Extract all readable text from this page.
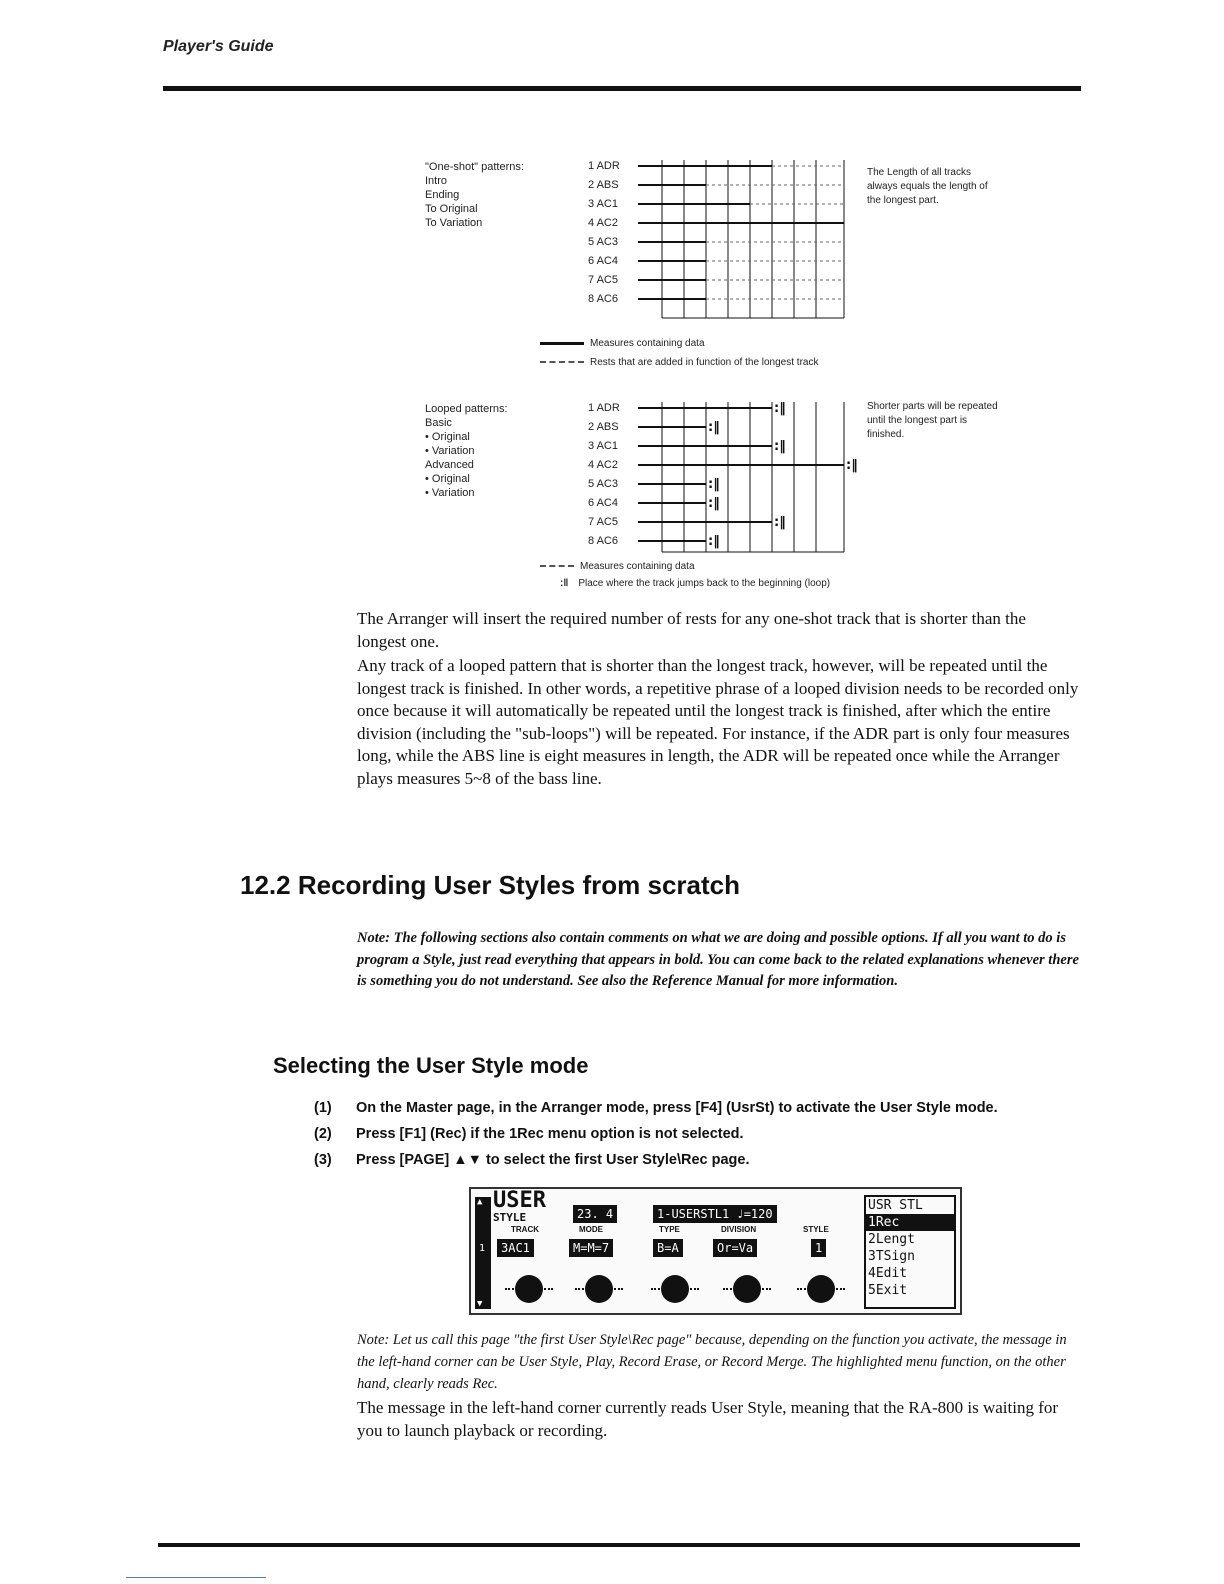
Player's Guide
"One-shot" patterns:
Intro
Ending
To Original
To Variation
1 ADR
2 ABS
3 AC1
4 AC2
5 AC3
6 AC4
7 AC5
8 AC6
The Length of all tracks always equals the length of the longest part.
Measures containing data
Rests that are added in function of the longest track
Looped patterns:
Basic
• Original
• Variation
Advanced
• Original
• Variation
1 ADR
2 ABS
3 AC1
4 AC2
5 AC3
6 AC4
7 AC5
8 AC6
:‖
:‖
:‖
:‖
:‖
:‖
:‖
:‖
Shorter parts will be repeated until the longest part is finished.
Measures containing data
:‖ Place where the track jumps back to the beginning (loop)

The Arranger will insert the required number of rests for any one-shot track that is shorter than the longest one.

Any track of a looped pattern that is shorter than the longest track, however, will be repeated until the longest track is finished. In other words, a repetitive phrase of a looped division needs to be recorded only once because it will automatically be repeated until the longest track is finished, after which the entire division (including the "sub-loops") will be repeated. For instance, if the ADR part is only four measures long, while the ABS line is eight measures in length, the ADR will be repeated once while the Arranger plays measures 5~8 of the bass line.

12.2 Recording User Styles from scratch
Note: The following sections also contain comments on what we are doing and possible options. If all you want to do is program a Style, just read everything that appears in bold. You can come back to the related explanations whenever there is something you do not understand. See also the Reference Manual for more information.
Selecting the User Style mode
(1) On the Master page, in the Arranger mode, press [F4] (UsrSt) to activate the User Style mode.
(2) Press [F1] (Rec) if the 1Rec menu option is not selected.
(3) Press [PAGE] ▲▼ to select the first User Style\Rec page.
▲ ▼
USER
STYLE	23. 4	1-USERSTL1 ♩=120
TRACK	MODE	TYPE	DIVISION	STYLE
1	3AC1	M=M=7	B=A	Or=Va	1
USR STL
1Rec
2Lengt
3TSign
4Edit
5Exit
Note: Let us call this page "the first User Style\Rec page" because, depending on the function you activate, the message in the left-hand corner can be User Style, Play, Record Erase, or Record Merge. The highlighted menu function, on the other hand, clearly reads Rec.
The message in the left-hand corner currently reads User Style, meaning that the RA-800 is waiting for you to launch playback or recording.
